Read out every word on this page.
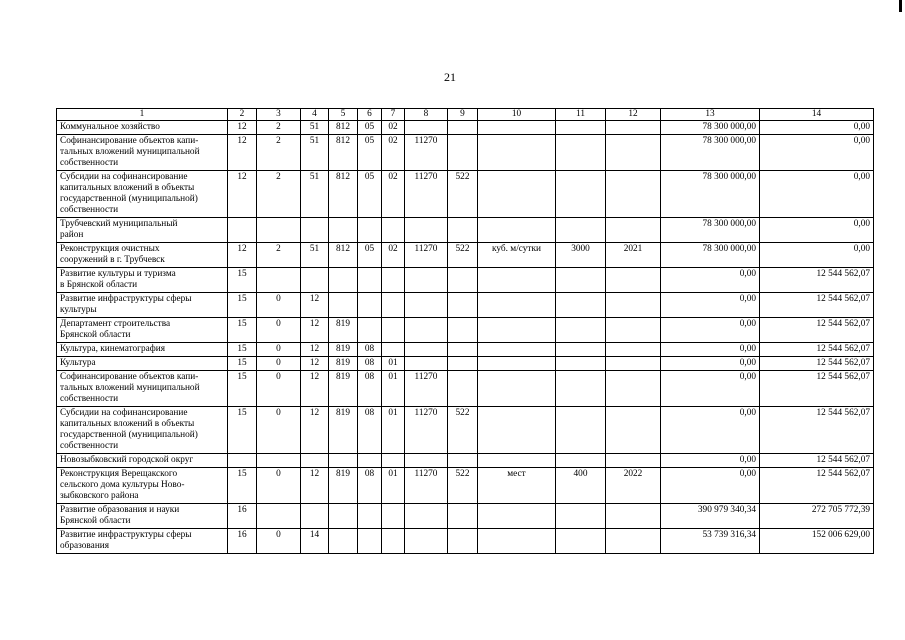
21
1	2	3	4	5	6	7	8	9	10	11	12	13	14
Коммунальное хозяйство	12	2	51	812	05	02						78 300 000,00	0,00
Софинансирование объектов капи-
тальных вложений муниципальной
собственности	12	2	51	812	05	02	11270					78 300 000,00	0,00
Субсидии на софинансирование
капитальных вложений в объекты
государственной (муниципальной)
собственности	12	2	51	812	05	02	11270	522				78 300 000,00	0,00
Трубчевский муниципальный
район												78 300 000,00	0,00
Реконструкция очистных
сооружений в г. Трубчевск	12	2	51	812	05	02	11270	522	куб. м/сутки	3000	2021	78 300 000,00	0,00
Развитие культуры и туризма
в Брянской области	15											0,00	12 544 562,07
Развитие инфраструктуры сферы
культуры	15	0	12									0,00	12 544 562,07
Департамент строительства
Брянской области	15	0	12	819								0,00	12 544 562,07
Культура, кинематография	15	0	12	819	08							0,00	12 544 562,07
Культура	15	0	12	819	08	01						0,00	12 544 562,07
Софинансирование объектов капи-
тальных вложений муниципальной
собственности	15	0	12	819	08	01	11270					0,00	12 544 562,07
Субсидии на софинансирование
капитальных вложений в объекты
государственной (муниципальной)
собственности	15	0	12	819	08	01	11270	522				0,00	12 544 562,07
Новозыбковский городской округ												0,00	12 544 562,07
Реконструкция Верещакского
сельского дома культуры Ново-
зыбковского района	15	0	12	819	08	01	11270	522	мест	400	2022	0,00	12 544 562,07
Развитие образования и науки
Брянской области	16											390 979 340,34	272 705 772,39
Развитие инфраструктуры сферы
образования	16	0	14									53 739 316,34	152 006 629,00
